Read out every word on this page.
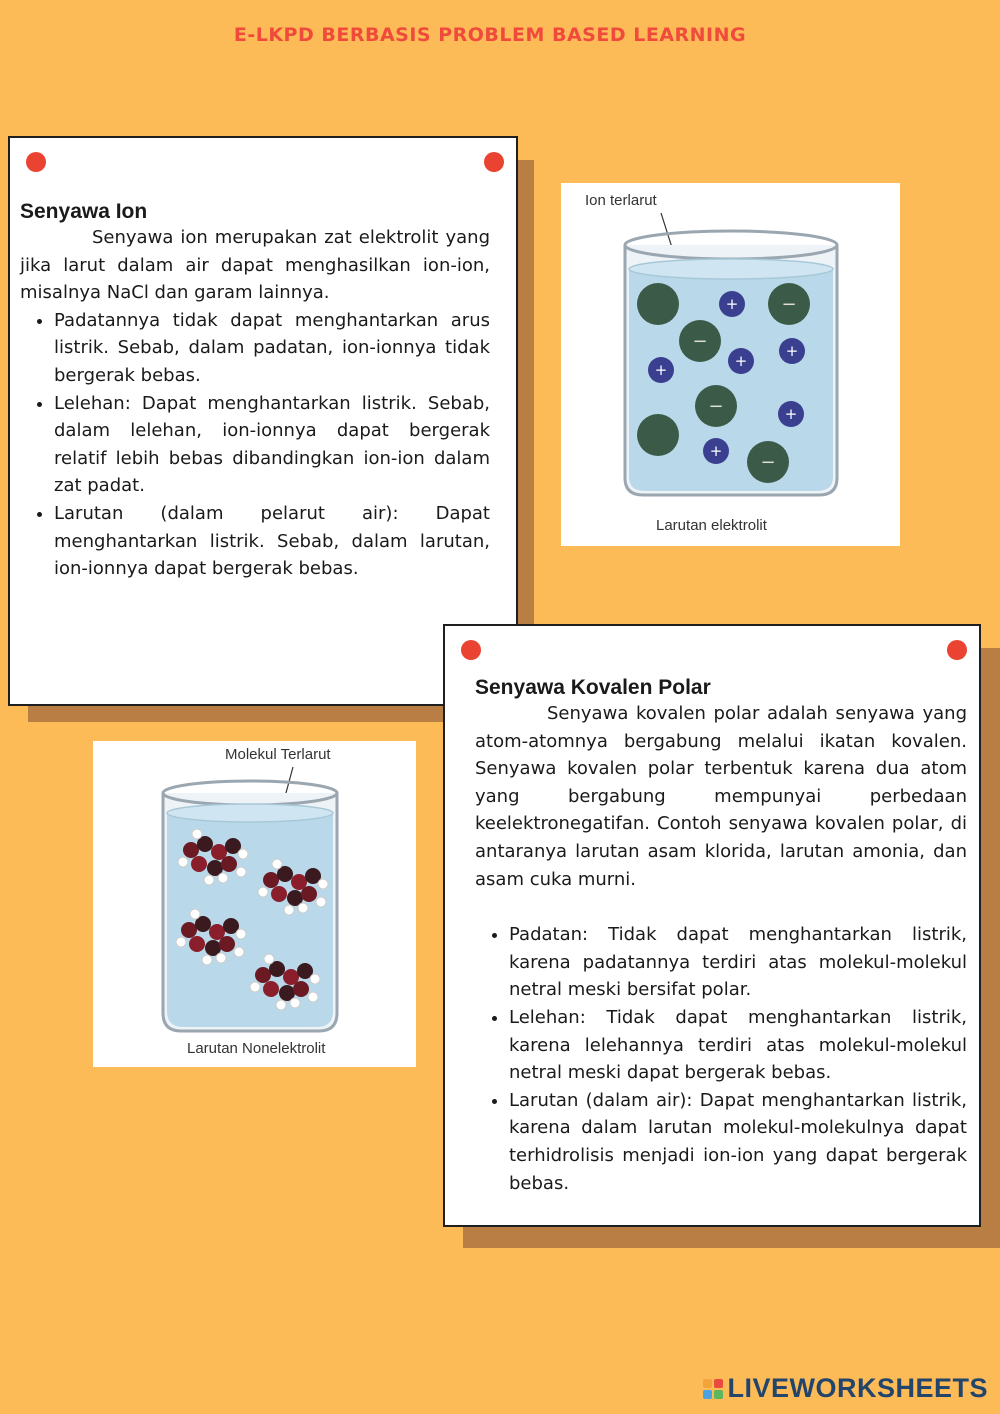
E-LKPD BERBASIS PROBLEM BASED LEARNING
Senyawa Ion

Senyawa ion merupakan zat elektrolit yang jika larut dalam air dapat menghasilkan ion-ion, misalnya NaCl dan garam lainnya.

• Padatannya tidak dapat menghantarkan arus listrik. Sebab, dalam padatan, ion-ionnya tidak bergerak bebas.
• Lelehan: Dapat menghantarkan listrik. Sebab, dalam lelehan, ion-ionnya dapat bergerak relatif lebih bebas dibandingkan ion-ion dalam zat padat.
• Larutan (dalam pelarut air): Dapat menghantarkan listrik. Sebab, dalam larutan, ion-ionnya dapat bergerak bebas.
Ion terlarut
−
−
−
−
+
+
+
+
+
+
Larutan elektrolit
Molekul Terlarut
Larutan Nonelektrolit
Senyawa Kovalen Polar

Senyawa kovalen polar adalah senyawa yang atom-atomnya bergabung melalui ikatan kovalen. Senyawa kovalen polar terbentuk karena dua atom yang bergabung mempunyai perbedaan keelektronegatifan. Contoh senyawa kovalen polar, di antaranya larutan asam klorida, larutan amonia, dan asam cuka murni.

• Padatan: Tidak dapat menghantarkan listrik, karena padatannya terdiri atas molekul-molekul netral meski bersifat polar.
• Lelehan: Tidak dapat menghantarkan listrik, karena lelehannya terdiri atas molekul-molekul netral meski dapat bergerak bebas.
• Larutan (dalam air): Dapat menghantarkan listrik, karena dalam larutan molekul-molekulnya dapat terhidrolisis menjadi ion-ion yang dapat bergerak bebas.
LIVEWORKSHEETS
